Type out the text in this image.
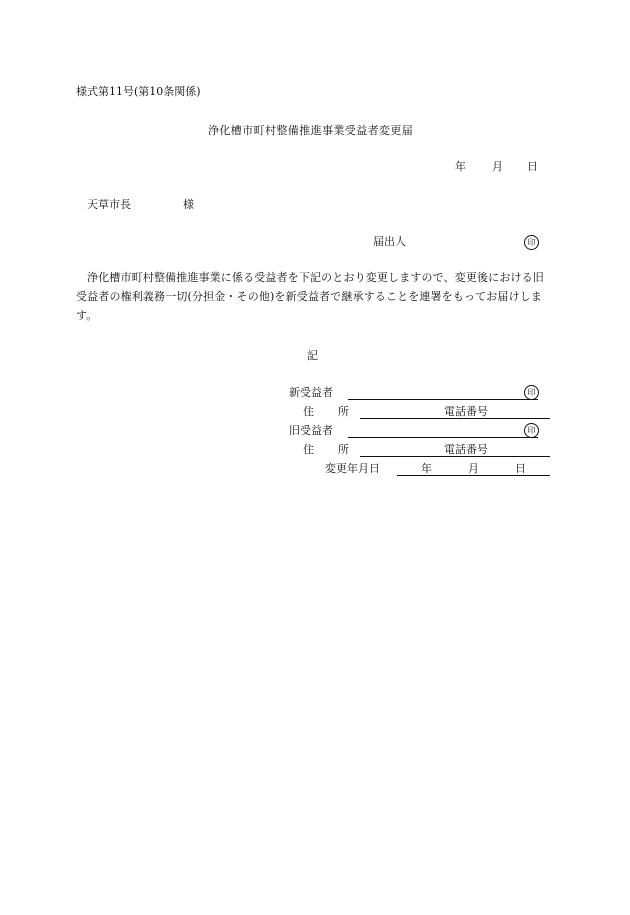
様式第11号(第10条関係)
浄化槽市町村整備推進事業受益者変更届
年 月 日
天草市長	様
届出人	印
浄化槽市町村整備推進事業に係る受益者を下記のとおり変更しますので、変更後における旧受益者の権利義務一切(分担金・その他)を新受益者で継承することを連署をもってお届けします。
記
新受益者	印
住 所	電話番号
旧受益者	印
住 所	電話番号
変更年月日	年	月	日
